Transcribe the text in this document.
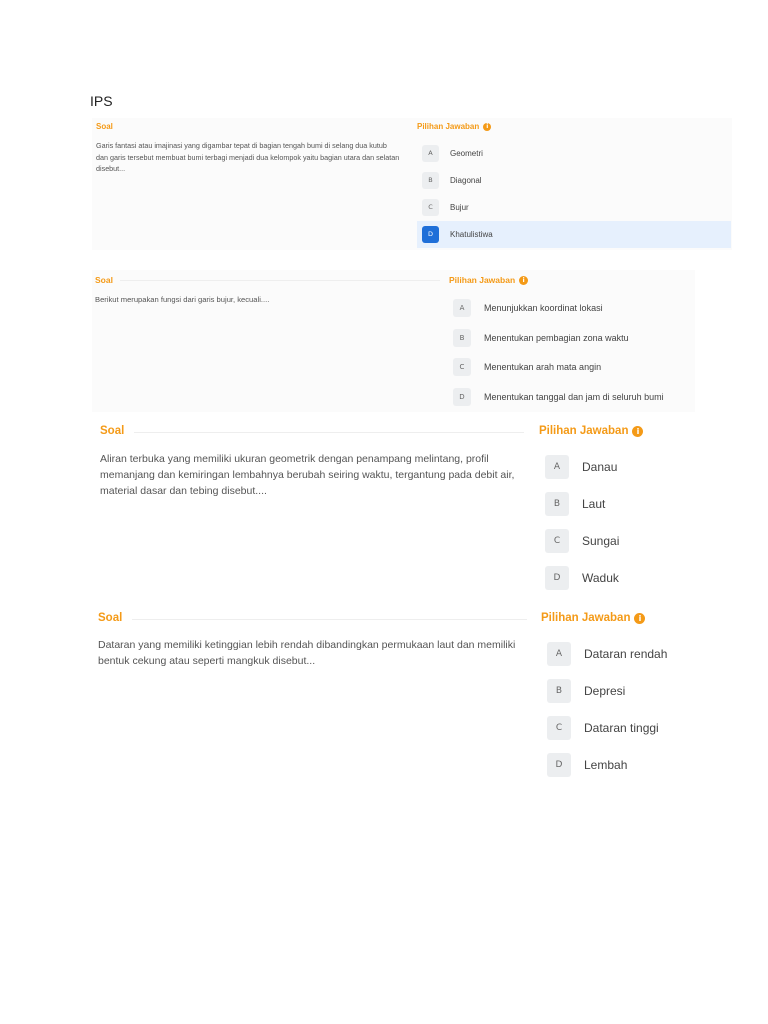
IPS
Soal
Garis fantasi atau imajinasi yang digambar tepat di bagian tengah bumi di selang dua kutub dan garis tersebut membuat bumi terbagi menjadi dua kelompok yaitu bagian utara dan selatan disebut...
Pilihan Jawaban	i
A	Geometri
B	Diagonal
C	Bujur
D	Khatulistiwa
Soal
Berikut merupakan fungsi dari garis bujur, kecuali....
Pilihan Jawaban	i
A	Menunjukkan koordinat lokasi
B	Menentukan pembagian zona waktu
C	Menentukan arah mata angin
D	Menentukan tanggal dan jam di seluruh bumi
Soal
Aliran terbuka yang memiliki ukuran geometrik dengan penampang melintang, profil memanjang dan kemiringan lembahnya berubah seiring waktu, tergantung pada debit air, material dasar dan tebing disebut....
Pilihan Jawaban	i
A	Danau
B	Laut
C	Sungai
D	Waduk
Soal
Dataran yang memiliki ketinggian lebih rendah dibandingkan permukaan laut dan memiliki bentuk cekung atau seperti mangkuk disebut...
Pilihan Jawaban	i
A	Dataran rendah
B	Depresi
C	Dataran tinggi
D	Lembah
